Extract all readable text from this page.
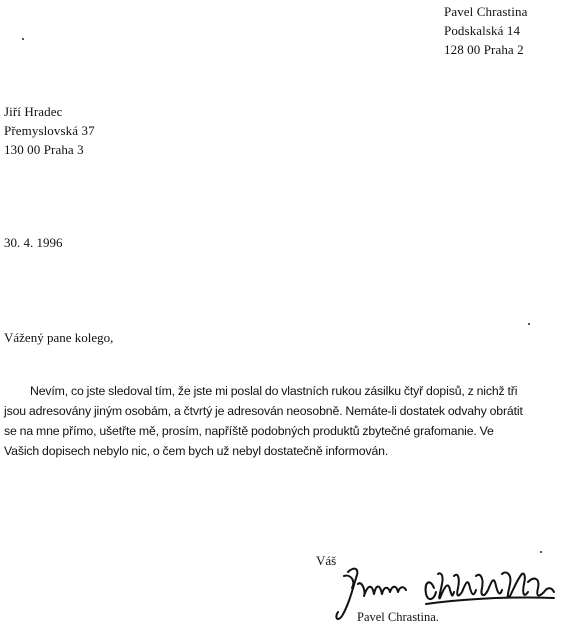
Pavel Chrastina
Podskalská 14
128 00 Praha 2
Jiří Hradec
Přemyslovská 37
130 00 Praha 3
30. 4. 1996
Vážený pane kolego,
Nevím, co jste sledoval tím, že jste mi poslal do vlastních rukou zásilku čtyř dopisů, z nichž tři
jsou adresovány jiným osobám, a čtvrtý je adresován neosobně. Nemáte-li dostatek odvahy obrátit
se na mne přímo, ušetřte mě, prosím, napříště podobných produktů zbytečné grafomanie. Ve
Vašich dopisech nebylo nic, o čem bych už nebyl dostatečně informován.
Váš
Pavel Chrastina.
